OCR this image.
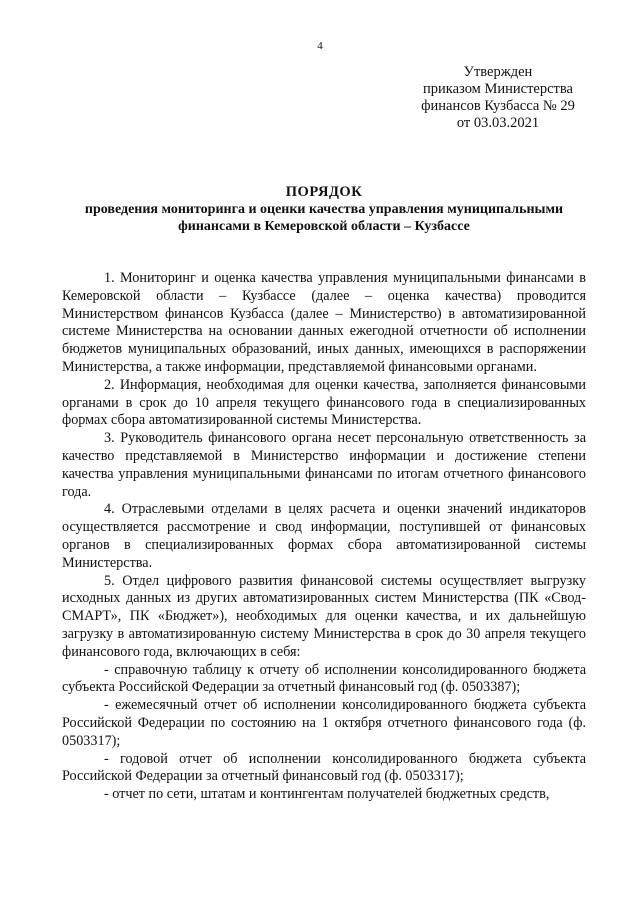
4
Утвержден
приказом Министерства
финансов Кузбасса № 29
от 03.03.2021
ПОРЯДОК
проведения мониторинга и оценки качества управления муниципальными
финансами в Кемеровской области – Кузбассе

1. Мониторинг и оценка качества управления муниципальными финансами в Кемеровской области – Кузбассе (далее – оценка качества) проводится Министерством финансов Кузбасса (далее – Министерство) в автоматизированной системе Министерства на основании данных ежегодной отчетности об исполнении бюджетов муниципальных образований, иных данных, имеющихся в распоряжении Министерства, а также информации, представляемой финансовыми органами.

2. Информация, необходимая для оценки качества, заполняется финансовыми органами в срок до 10 апреля текущего финансового года в специализированных формах сбора автоматизированной системы Министерства.

3. Руководитель финансового органа несет персональную ответственность за качество представляемой в Министерство информации и достижение степени качества управления муниципальными финансами по итогам отчетного финансового года.

4. Отраслевыми отделами в целях расчета и оценки значений индикаторов осуществляется рассмотрение и свод информации, поступившей от финансовых органов в специализированных формах сбора автоматизированной системы Министерства.

5. Отдел цифрового развития финансовой системы осуществляет выгрузку исходных данных из других автоматизированных систем Министерства (ПК «Свод-СМАРТ», ПК «Бюджет»), необходимых для оценки качества, и их дальнейшую загрузку в автоматизированную систему Министерства в срок до 30 апреля текущего финансового года, включающих в себя:

- справочную таблицу к отчету об исполнении консолидированного бюджета субъекта Российской Федерации за отчетный финансовый год (ф. 0503387);

- ежемесячный отчет об исполнении консолидированного бюджета субъекта Российской Федерации по состоянию на 1 октября отчетного финансового года (ф. 0503317);

- годовой отчет об исполнении консолидированного бюджета субъекта Российской Федерации за отчетный финансовый год (ф. 0503317);

- отчет по сети, штатам и контингентам получателей бюджетных средств,
